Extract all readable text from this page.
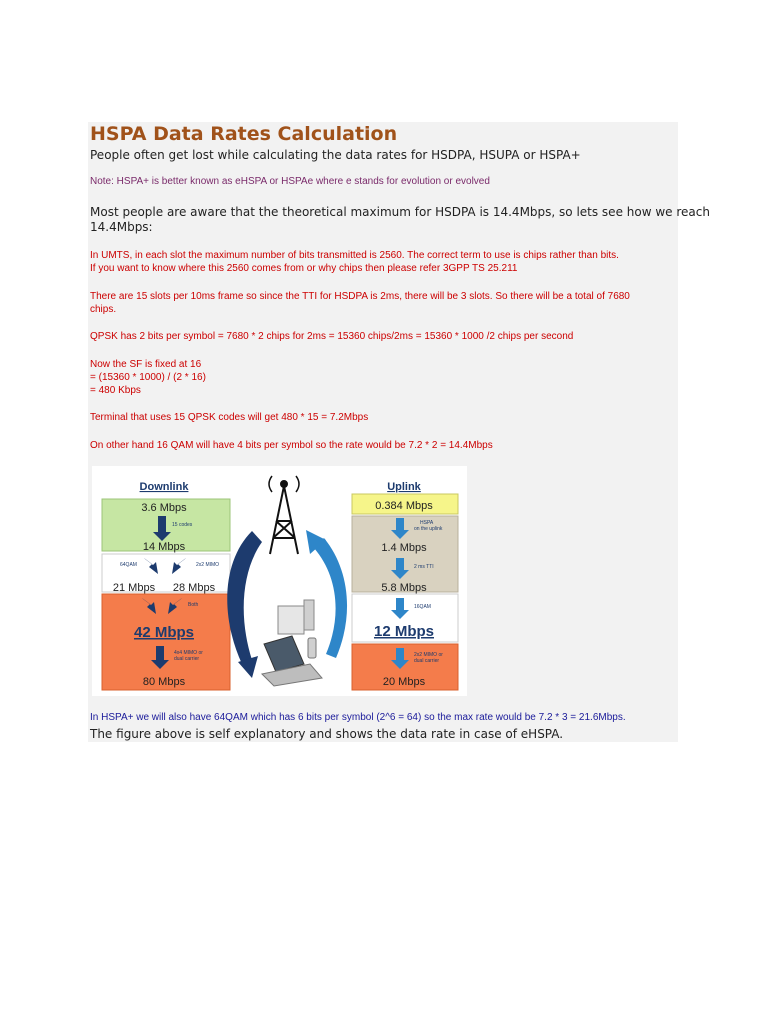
HSPA Data Rates Calculation

People often get lost while calculating the data rates for HSDPA, HSUPA or HSPA+

Note: HSPA+ is better known as eHSPA or HSPAe where e stands for evolution or evolved

Most people are aware that the theoretical maximum for HSDPA is 14.4Mbps, so lets see how we reach

14.4Mbps:

In UMTS, in each slot the maximum number of bits transmitted is 2560. The correct term to use is chips rather than bits.

If you want to know where this 2560 comes from or why chips then please refer 3GPP TS 25.211

There are 15 slots per 10ms frame so since the TTI for HSDPA is 2ms, there will be 3 slots. So there will be a total of 7680

chips.

QPSK has 2 bits per symbol = 7680 * 2 chips for 2ms = 15360 chips/2ms = 15360 * 1000 /2 chips per second

Now the SF is fixed at 16

= (15360 * 1000) / (2 * 16)

= 480 Kbps

Terminal that uses 15 QPSK codes will get 480 * 15 = 7.2Mbps

On other hand 16 QAM will have 4 bits per symbol so the rate would be 7.2 * 2 = 14.4Mbps

Downlink
3.6 Mbps
15 codes
14 Mbps
64QAM	2x2 MIMO
21 Mbps 28 Mbps
Both
42 Mbps
4x4 MIMO or
dual carrier
80 Mbps
Uplink
0.384 Mbps
HSPA
on the uplink
1.4 Mbps
2 ms TTI
5.8 Mbps
16QAM
12 Mbps
2x2 MIMO or
dual carrier
20 Mbps

In HSPA+ we will also have 64QAM which has 6 bits per symbol (2^6 = 64) so the max rate would be 7.2 * 3 = 21.6Mbps.

The figure above is self explanatory and shows the data rate in case of eHSPA.
